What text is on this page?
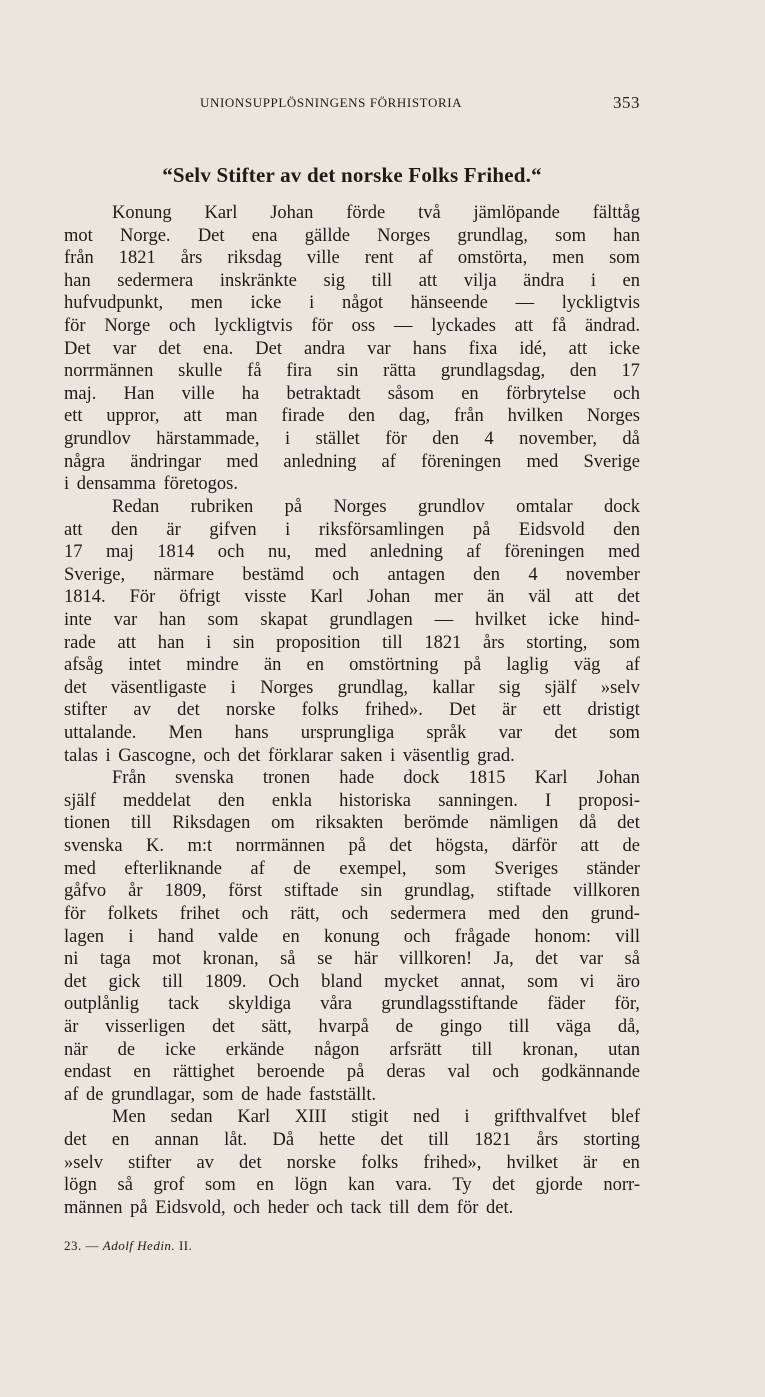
UNIONSUPPLÖSNINGENS FÖRHISTORIA	353
“Selv Stifter av det norske Folks Frihed.“
Konung Karl Johan förde två jämlöpande fälttåg
mot Norge. Det ena gällde Norges grundlag, som han
från 1821 års riksdag ville rent af omstörta, men som
han sedermera inskränkte sig till att vilja ändra i en
hufvudpunkt, men icke i något hänseende — lyckligtvis
för Norge och lyckligtvis för oss — lyckades att få ändrad.
Det var det ena. Det andra var hans fixa idé, att icke
norrmännen skulle få fira sin rätta grundlagsdag, den 17
maj. Han ville ha betraktadt såsom en förbrytelse och
ett uppror, att man firade den dag, från hvilken Norges
grundlov härstammade, i stället för den 4 november, då
några ändringar med anledning af föreningen med Sverige
i densamma företogos.
Redan rubriken på Norges grundlov omtalar dock
att den är gifven i riksförsamlingen på Eidsvold den
17 maj 1814 och nu, med anledning af föreningen med
Sverige, närmare bestämd och antagen den 4 november
1814. För öfrigt visste Karl Johan mer än väl att det
inte var han som skapat grundlagen — hvilket icke hind-
rade att han i sin proposition till 1821 års storting, som
afsåg intet mindre än en omstörtning på laglig väg af
det väsentligaste i Norges grundlag, kallar sig själf »selv
stifter av det norske folks frihed». Det är ett dristigt
uttalande. Men hans ursprungliga språk var det som
talas i Gascogne, och det förklarar saken i väsentlig grad.
Från svenska tronen hade dock 1815 Karl Johan
själf meddelat den enkla historiska sanningen. I proposi-
tionen till Riksdagen om riksakten berömde nämligen då det
svenska K. m:t norrmännen på det högsta, därför att de
med efterliknande af de exempel, som Sveriges ständer
gåfvo år 1809, först stiftade sin grundlag, stiftade villkoren
för folkets frihet och rätt, och sedermera med den grund-
lagen i hand valde en konung och frågade honom: vill
ni taga mot kronan, så se här villkoren! Ja, det var så
det gick till 1809. Och bland mycket annat, som vi äro
outplånlig tack skyldiga våra grundlagsstiftande fäder för,
är visserligen det sätt, hvarpå de gingo till väga då,
när de icke erkände någon arfsrätt till kronan, utan
endast en rättighet beroende på deras val och godkännande
af de grundlagar, som de hade fastställt.
Men sedan Karl XIII stigit ned i grifthvalfvet blef
det en annan låt. Då hette det till 1821 års storting
»selv stifter av det norske folks frihed», hvilket är en
lögn så grof som en lögn kan vara. Ty det gjorde norr-
männen på Eidsvold, och heder och tack till dem för det.
23. — Adolf Hedin. II.
